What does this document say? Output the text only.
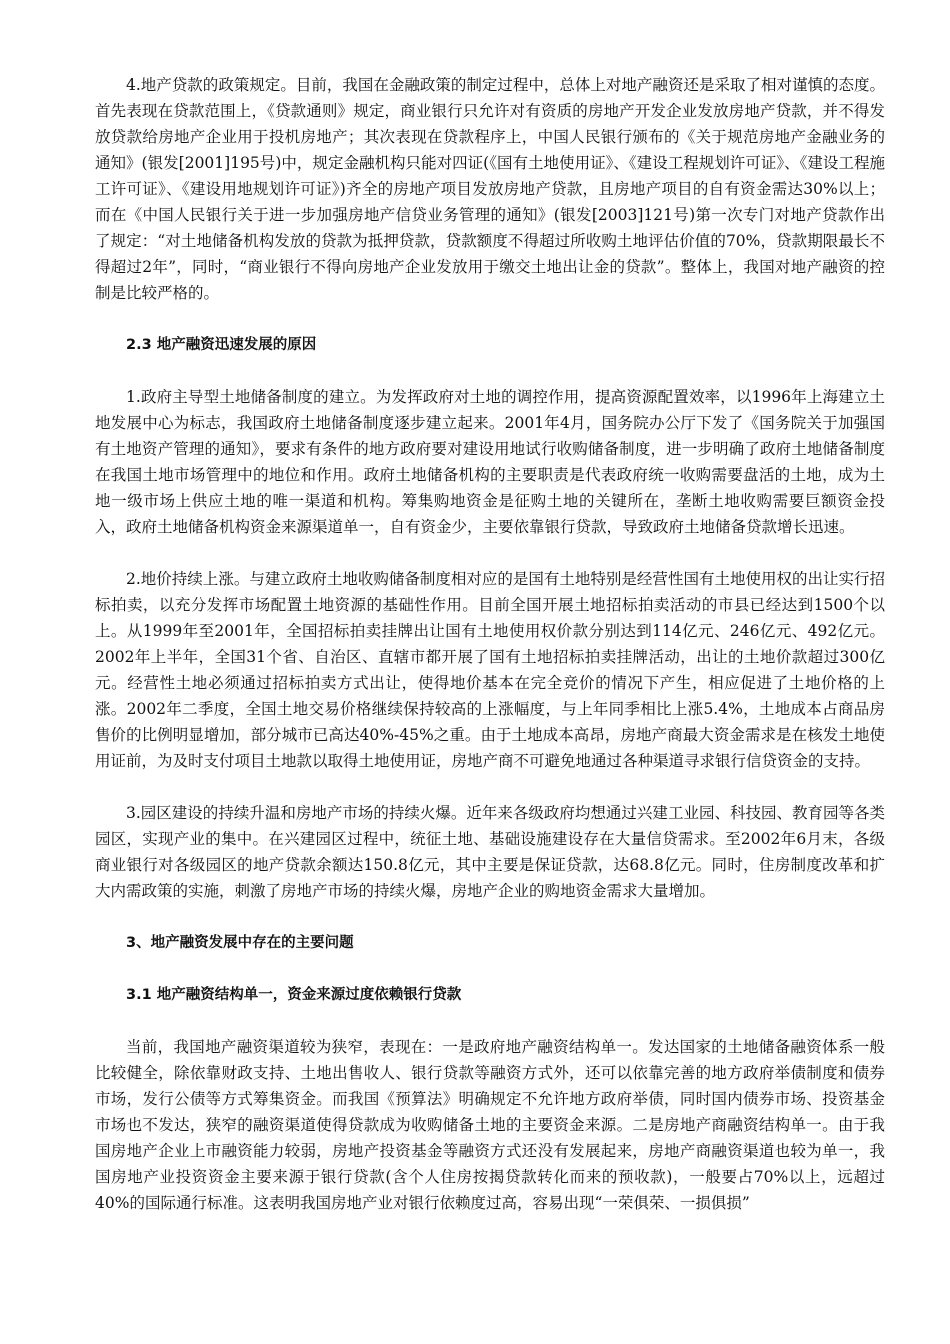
4.地产贷款的政策规定。目前，我国在金融政策的制定过程中，总体上对地产融资还是采取了相对谨慎的态度。首先表现在贷款范围上，《贷款通则》规定，商业银行只允许对有资质的房地产开发企业发放房地产贷款，并不得发放贷款给房地产企业用于投机房地产；其次表现在贷款程序上，中国人民银行颁布的《关于规范房地产金融业务的通知》(银发[2001]195号)中，规定金融机构只能对四证(《国有土地使用证》、《建设工程规划许可证》、《建设工程施工许可证》、《建设用地规划许可证》)齐全的房地产项目发放房地产贷款，且房地产项目的自有资金需达30%以上；而在《中国人民银行关于进一步加强房地产信贷业务管理的通知》(银发[2003]121号)第一次专门对地产贷款作出了规定：“对土地储备机构发放的贷款为抵押贷款，贷款额度不得超过所收购土地评估价值的70%，贷款期限最长不得超过2年”，同时，“商业银行不得向房地产企业发放用于缴交土地出让金的贷款”。整体上，我国对地产融资的控制是比较严格的。

2.3 地产融资迅速发展的原因

1.政府主导型土地储备制度的建立。为发挥政府对土地的调控作用，提高资源配置效率，以1996年上海建立土地发展中心为标志，我国政府土地储备制度逐步建立起来。2001年4月，国务院办公厅下发了《国务院关于加强国有土地资产管理的通知》，要求有条件的地方政府要对建设用地试行收购储备制度，进一步明确了政府土地储备制度在我国土地市场管理中的地位和作用。政府土地储备机构的主要职责是代表政府统一收购需要盘活的土地，成为土地一级市场上供应土地的唯一渠道和机构。筹集购地资金是征购土地的关键所在，垄断土地收购需要巨额资金投入，政府土地储备机构资金来源渠道单一，自有资金少，主要依靠银行贷款，导致政府土地储备贷款增长迅速。

2.地价持续上涨。与建立政府土地收购储备制度相对应的是国有土地特别是经营性国有土地使用权的出让实行招标拍卖，以充分发挥市场配置土地资源的基础性作用。目前全国开展土地招标拍卖活动的市县已经达到1500个以上。从1999年至2001年，全国招标拍卖挂牌出让国有土地使用权价款分别达到114亿元、246亿元、492亿元。2002年上半年，全国31个省、自治区、直辖市都开展了国有土地招标拍卖挂牌活动，出让的土地价款超过300亿元。经营性土地必须通过招标拍卖方式出让，使得地价基本在完全竞价的情况下产生，相应促进了土地价格的上涨。2002年二季度，全国土地交易价格继续保持较高的上涨幅度，与上年同季相比上涨5.4%，土地成本占商品房售价的比例明显增加，部分城市已高达40%-45%之重。由于土地成本高昂，房地产商最大资金需求是在核发土地使用证前，为及时支付项目土地款以取得土地使用证，房地产商不可避免地通过各种渠道寻求银行信贷资金的支持。

3.园区建设的持续升温和房地产市场的持续火爆。近年来各级政府均想通过兴建工业园、科技园、教育园等各类园区，实现产业的集中。在兴建园区过程中，统征土地、基础设施建设存在大量信贷需求。至2002年6月末，各级商业银行对各级园区的地产贷款余额达150.8亿元，其中主要是保证贷款，达68.8亿元。同时，住房制度改革和扩大内需政策的实施，刺激了房地产市场的持续火爆，房地产企业的购地资金需求大量增加。

3、地产融资发展中存在的主要问题

3.1 地产融资结构单一，资金来源过度依赖银行贷款

当前，我国地产融资渠道较为狭窄，表现在：一是政府地产融资结构单一。发达国家的土地储备融资体系一般比较健全，除依靠财政支持、土地出售收人、银行贷款等融资方式外，还可以依靠完善的地方政府举债制度和债券市场，发行公债等方式筹集资金。而我国《预算法》明确规定不允许地方政府举债，同时国内债券市场、投资基金市场也不发达，狭窄的融资渠道使得贷款成为收购储备土地的主要资金来源。二是房地产商融资结构单一。由于我国房地产企业上市融资能力较弱，房地产投资基金等融资方式还没有发展起来，房地产商融资渠道也较为单一，我国房地产业投资资金主要来源于银行贷款(含个人住房按揭贷款转化而来的预收款)，一般要占70%以上，远超过40%的国际通行标准。这表明我国房地产业对银行依赖度过高，容易出现“一荣俱荣、一损俱损”
